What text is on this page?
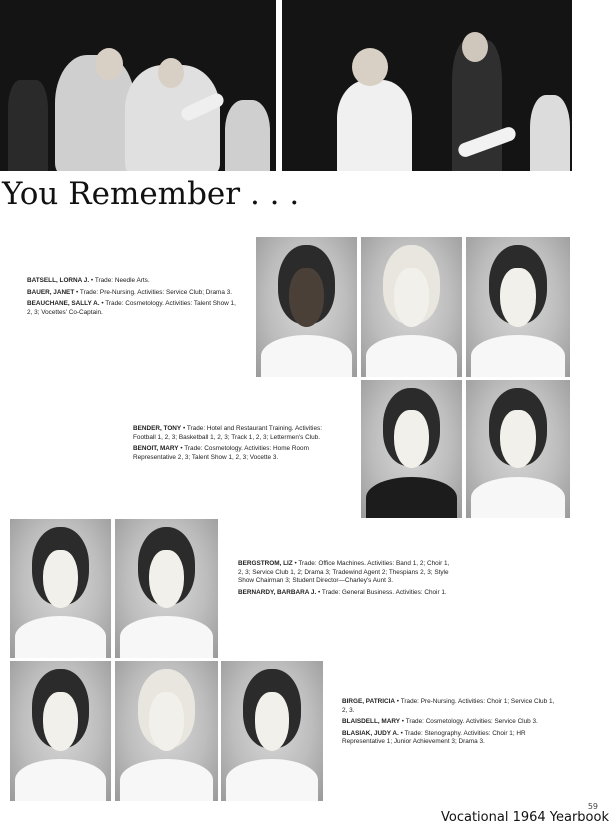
You Remember . . .

BATSELL, LORNA J. • Trade: Needle Arts.

BAUER, JANET • Trade: Pre-Nursing. Activities: Service Club; Drama 3.

BEAUCHANE, SALLY A. • Trade: Cosmetology. Activities: Talent Show 1, 2, 3; Vocettes' Co-Captain.

BENDER, TONY • Trade: Hotel and Restaurant Training. Activities: Football 1, 2, 3; Basketball 1, 2, 3; Track 1, 2, 3; Lettermen's Club.

BENOIT, MARY • Trade: Cosmetology. Activities: Home Room Representative 2, 3; Talent Show 1, 2, 3; Vocette 3.

BERGSTROM, LIZ • Trade: Office Machines. Activities: Band 1, 2; Choir 1, 2, 3; Service Club 1, 2; Drama 3; Tradewind Agent 2; Thespians 2, 3; Style Show Chairman 3; Student Director—Charley's Aunt 3.

BERNARDY, BARBARA J. • Trade: General Business. Activities: Choir 1.

BIRGE, PATRICIA • Trade: Pre-Nursing. Activities: Choir 1; Service Club 1, 2, 3.

BLAISDELL, MARY • Trade: Cosmetology. Activities: Service Club 3.

BLASIAK, JUDY A. • Trade: Stenography. Activities: Choir 1; HR Representative 1; Junior Achievement 3; Drama 3.

59
Vocational 1964 Yearbook
